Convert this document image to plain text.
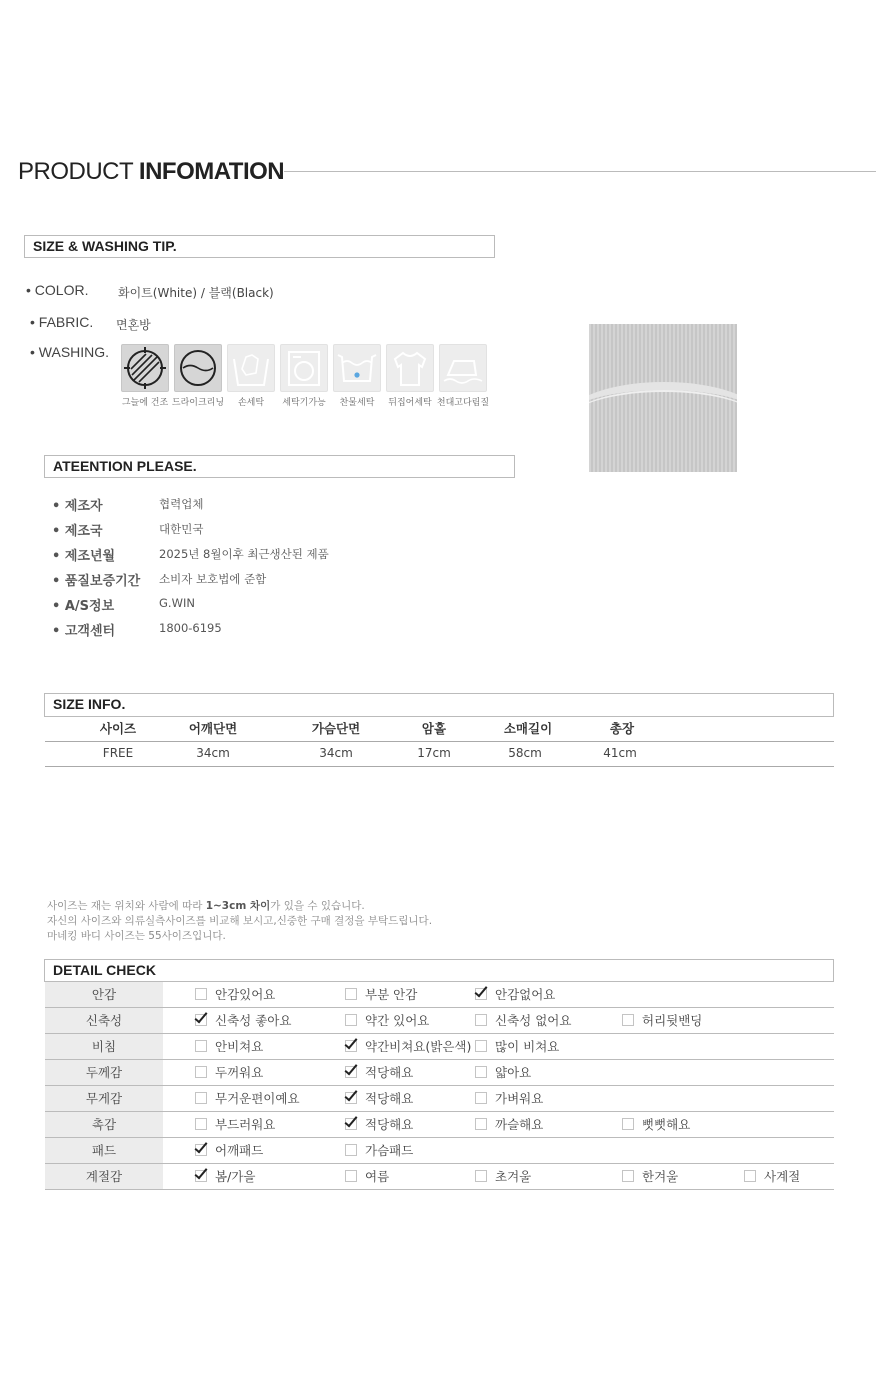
PRODUCT INFOMATION
SIZE & WASHING TIP.
• COLOR. 화이트(White) / 블랙(Black)
• FABRIC. 면혼방
• WASHING.
그늘에 건조 드라이크리닝	손세탁	세탁기가능	찬물세탁	뒤집어세탁 천대고다림질
ATEENTION PLEASE.
• 제조자	협력업체
• 제조국	대한민국
• 제조년월	2025년 8월이후 최근생산된 제품
• 품질보증기간 소비자 보호법에 준함
• A/S정보	G.WIN
• 고객센터	1800-6195
SIZE INFO.
사이즈	어깨단면	가슴단면	암홀	소매길이	총장
FREE	34cm	34cm	17cm	58cm	41cm
사이즈는 재는 위치와 사람에 따라 1~3cm 차이가 있을 수 있습니다.
자신의 사이즈와 의류실측사이즈를 비교해 보시고,신중한 구매 결정을 부탁드립니다.
마네킹 바디 사이즈는 55사이즈입니다.
DETAIL CHECK
안감	안감있어요	부분 안감	안감없어요
신축성	신축성 좋아요	약간 있어요	신축성 없어요	허리뒷밴딩
비침	안비쳐요	약간비쳐요(밝은색)	많이 비쳐요
두께감	두꺼워요	적당해요	얇아요
무게감	무거운편이예요	적당해요	가벼워요
촉감	부드러워요	적당해요	까슬해요	뻣뻣해요
패드	어깨패드	가슴패드
계절감	봄/가을	여름	초겨울	한겨울	사계절
